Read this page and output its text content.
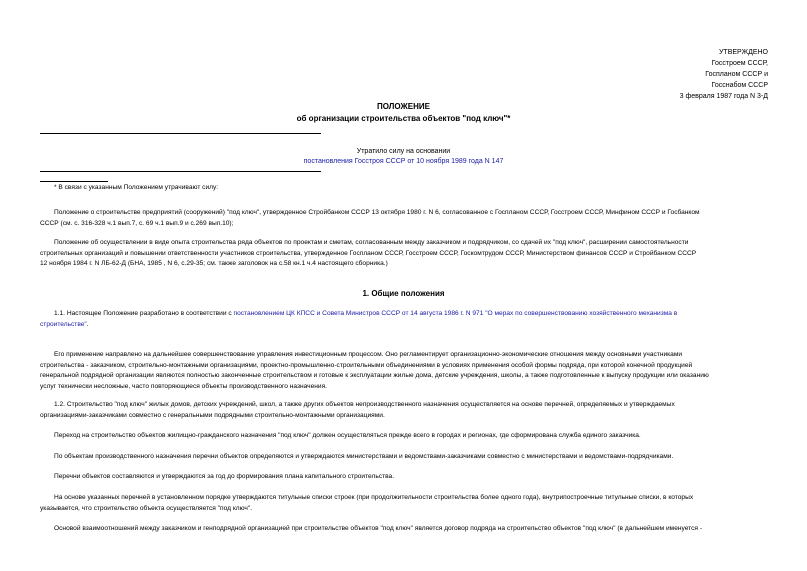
УТВЕРЖДЕНО
Госстроем СССР,
Госпланом СССР и
Госснабом СССР
3 февраля 1987 года N 3-Д
ПОЛОЖЕНИЕ
об организации строительства объектов "под ключ"*
Утратило силу на основании
постановления Госстроя СССР от 10 ноября 1989 года N 147
* В связи с указанным Положением утрачивают силу:
Положение о строительстве предприятий (сооружений) "под ключ", утвержденное Стройбанком СССР 13 октября 1980 г. N 6, согласованное с Госпланом СССР, Госстроем СССР, Минфином СССР и Госбанком
СССР (см. с. 316-328 ч.1 вып.7, с. 69 ч.1 вып.9 и с.269 вып.10);
Положение об осуществлении в виде опыта строительства ряда объектов по проектам и сметам, согласованным между заказчиком и подрядчиком, со сдачей их "под ключ", расширении самостоятельности
строительных организаций и повышении ответственности участников строительства, утвержденное Госпланом СССР, Госстроем СССР, Госкомтрудом СССР, Министерством финансов СССР и Стройбанком СССР
12 ноября 1984 г. N ЛБ-62-Д (БНА, 1985 , N 6, с.29-35; см. также заголовок на с.58 кн.1 ч.4 настоящего сборника.)
1. Общие положения
1.1. Настоящее Положение разработано в соответствии с постановлением ЦК КПСС и Совета Министров СССР от 14 августа 1986 г. N 971 "О мерах по совершенствованию хозяйственного механизма в
строительстве".
Его применение направлено на дальнейшее совершенствование управления инвестиционным процессом. Оно регламентирует организационно-экономические отношения между основными участниками
строительства - заказчиком, строительно-монтажными организациями, проектно-промышленно-строительными объединениями в условиях применения особой формы подряда, при которой конечной продукцией
генеральной подрядной организации являются полностью законченные строительством и готовые к эксплуатации жилые дома, детские учреждения, школы, а также подготовленные к выпуску продукции или оказанию
услуг технически несложные, часто повторяющиеся объекты производственного назначения.
1.2. Строительство "под ключ" жилых домов, детских учреждений, школ, а также других объектов непроизводственного назначения осуществляется на основе перечней, определяемых и утверждаемых
организациями-заказчиками совместно с генеральными подрядными строительно-монтажными организациями.
Переход на строительство объектов жилищно-гражданского назначения "под ключ" должен осуществляться прежде всего в городах и регионах, где сформирована служба единого заказчика.
По объектам производственного назначения перечни объектов определяются и утверждаются министерствами и ведомствами-заказчиками совместно с министерствами и ведомствами-подрядчиками.
Перечни объектов составляются и утверждаются за год до формирования плана капитального строительства.
На основе указанных перечней в установленном порядке утверждаются титульные списки строек (при продолжительности строительства более одного года), внутрипостроечные титульные списки, в которых
указывается, что строительство объекта осуществляется "под ключ".
Основой взаимоотношений между заказчиком и генподрядной организацией при строительстве объектов "под ключ" является договор подряда на строительство объектов "под ключ" (в дальнейшем именуется -
